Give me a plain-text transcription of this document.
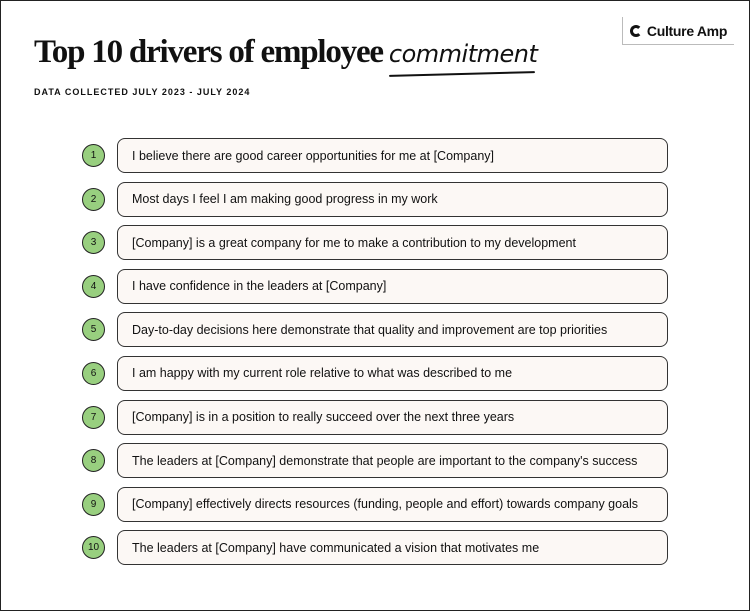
Culture Amp
Top 10 drivers of employee commitment
DATA COLLECTED JULY 2023 - JULY 2024
1	I believe there are good career opportunities for me at [Company]
2	Most days I feel I am making good progress in my work
3	[Company] is a great company for me to make a contribution to my development
4	I have confidence in the leaders at [Company]
5	Day-to-day decisions here demonstrate that quality and improvement are top priorities
6	I am happy with my current role relative to what was described to me
7	[Company] is in a position to really succeed over the next three years
8	The leaders at [Company] demonstrate that people are important to the company's success
9	[Company] effectively directs resources (funding, people and effort) towards company goals
10	The leaders at [Company] have communicated a vision that motivates me
